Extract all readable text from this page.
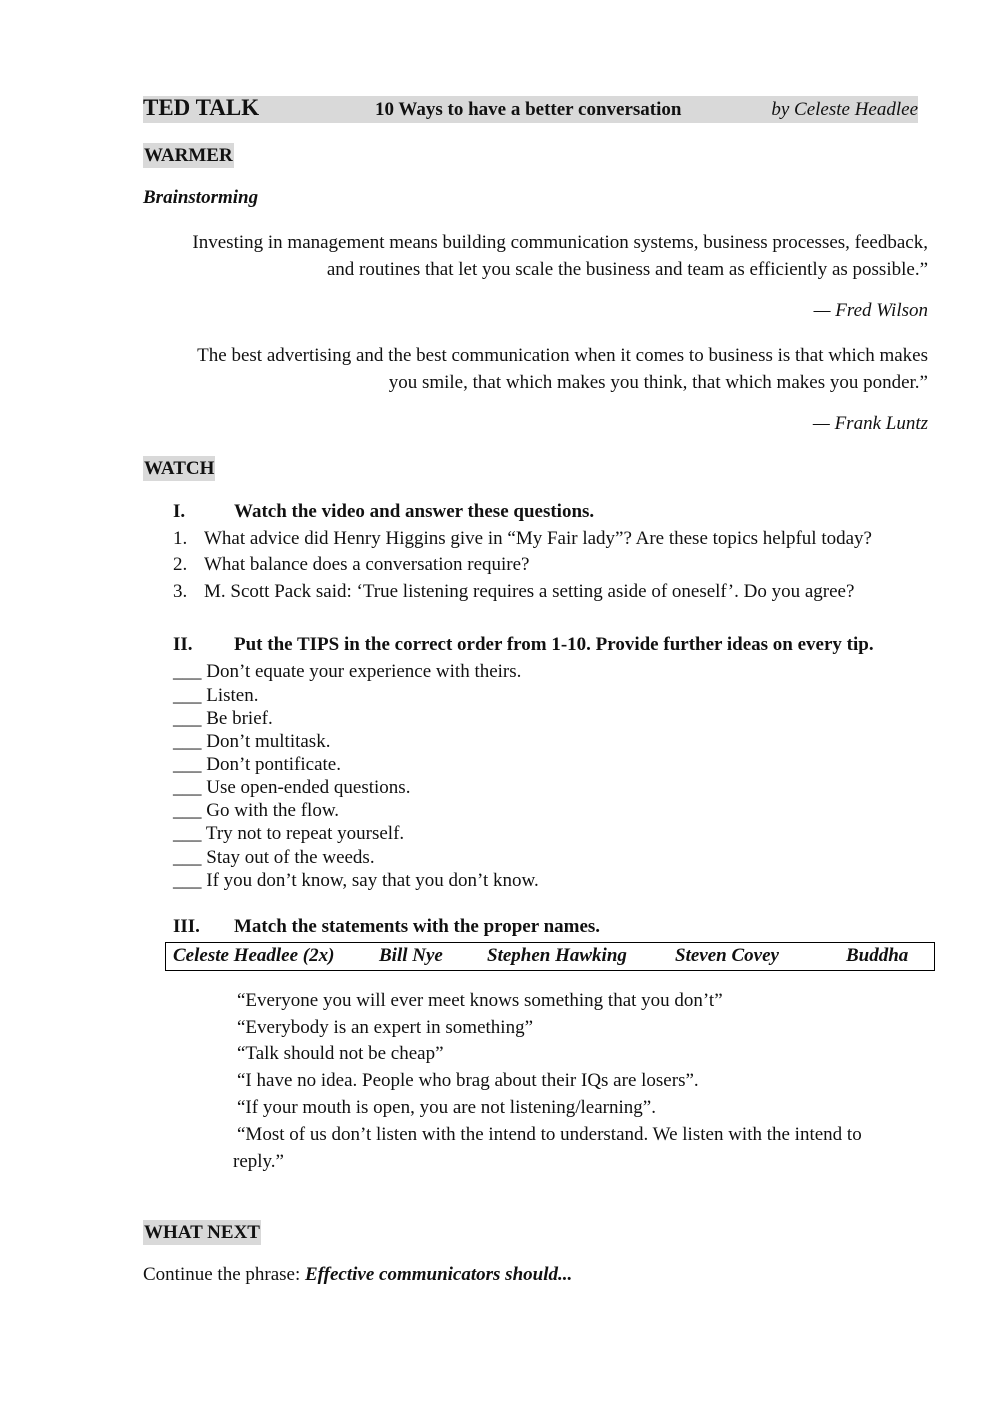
TED TALK	10 Ways to have a better conversation	by Celeste Headlee
WARMER
Brainstorming
Investing in management means building communication systems, business processes, feedback,
and routines that let you scale the business and team as efficiently as possible.”
— Fred Wilson
The best advertising and the best communication when it comes to business is that which makes
you smile, that which makes you think, that which makes you ponder.”
— Frank Luntz
WATCH
I.	Watch the video and answer these questions.
1. What advice did Henry Higgins give in “My Fair lady”? Are these topics helpful today?
2. What balance does a conversation require?
3. M. Scott Pack said: ‘True listening requires a setting aside of oneself’. Do you agree?
II. Put the TIPS in the correct order from 1-10. Provide further ideas on every tip.
___ Don’t equate your experience with theirs.
___ Listen.
___ Be brief.
___ Don’t multitask.
___ Don’t pontificate.
___ Use open-ended questions.
___ Go with the flow.
___ Try not to repeat yourself.
___ Stay out of the weeds.
___ If you don’t know, say that you don’t know.
III. Match the statements with the proper names.
Celeste Headlee (2x) Bill Nye Stephen Hawking	Steven Covey	Buddha
“Everyone you will ever meet knows something that you don’t”
“Everybody is an expert in something”
“Talk should not be cheap”
“I have no idea. People who brag about their IQs are losers”.
“If your mouth is open, you are not listening/learning”.
“Most of us don’t listen with the intend to understand. We listen with the intend to
reply.”
WHAT NEXT
Continue the phrase: Effective communicators should...
